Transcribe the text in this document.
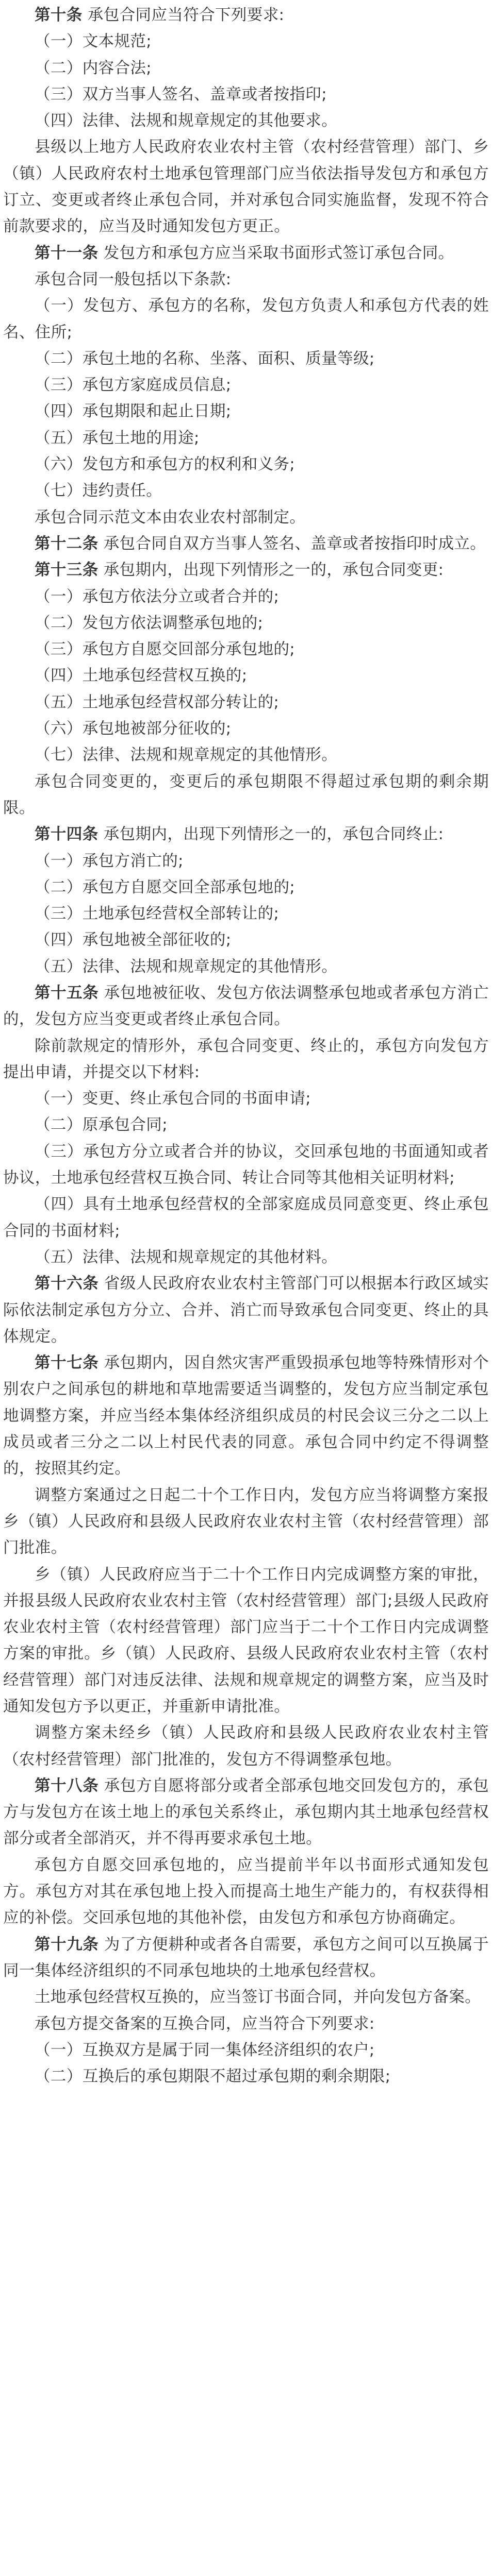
第十条 承包合同应当符合下列要求:

（一）文本规范;

（二）内容合法;

（三）双方当事人签名、盖章或者按指印;

（四）法律、法规和规章规定的其他要求。

县级以上地方人民政府农业农村主管（农村经营管理）部门、乡（镇）人民政府农村土地承包管理部门应当依法指导发包方和承包方订立、变更或者终止承包合同，并对承包合同实施监督，发现不符合前款要求的，应当及时通知发包方更正。

第十一条 发包方和承包方应当采取书面形式签订承包合同。

承包合同一般包括以下条款:

（一）发包方、承包方的名称，发包方负责人和承包方代表的姓名、住所;

（二）承包土地的名称、坐落、面积、质量等级;

（三）承包方家庭成员信息;

（四）承包期限和起止日期;

（五）承包土地的用途;

（六）发包方和承包方的权利和义务;

（七）违约责任。

承包合同示范文本由农业农村部制定。

第十二条 承包合同自双方当事人签名、盖章或者按指印时成立。

第十三条 承包期内，出现下列情形之一的，承包合同变更:

（一）承包方依法分立或者合并的;

（二）发包方依法调整承包地的;

（三）承包方自愿交回部分承包地的;

（四）土地承包经营权互换的;

（五）土地承包经营权部分转让的;

（六）承包地被部分征收的;

（七）法律、法规和规章规定的其他情形。

承包合同变更的，变更后的承包期限不得超过承包期的剩余期限。

第十四条 承包期内，出现下列情形之一的，承包合同终止:

（一）承包方消亡的;

（二）承包方自愿交回全部承包地的;

（三）土地承包经营权全部转让的;

（四）承包地被全部征收的;

（五）法律、法规和规章规定的其他情形。

第十五条 承包地被征收、发包方依法调整承包地或者承包方消亡的，发包方应当变更或者终止承包合同。

除前款规定的情形外，承包合同变更、终止的，承包方向发包方提出申请，并提交以下材料:

（一）变更、终止承包合同的书面申请;

（二）原承包合同;

（三）承包方分立或者合并的协议，交回承包地的书面通知或者协议，土地承包经营权互换合同、转让合同等其他相关证明材料;

（四）具有土地承包经营权的全部家庭成员同意变更、终止承包合同的书面材料;

（五）法律、法规和规章规定的其他材料。

第十六条 省级人民政府农业农村主管部门可以根据本行政区域实际依法制定承包方分立、合并、消亡而导致承包合同变更、终止的具体规定。

第十七条 承包期内，因自然灾害严重毁损承包地等特殊情形对个别农户之间承包的耕地和草地需要适当调整的，发包方应当制定承包地调整方案，并应当经本集体经济组织成员的村民会议三分之二以上成员或者三分之二以上村民代表的同意。承包合同中约定不得调整的，按照其约定。

调整方案通过之日起二十个工作日内，发包方应当将调整方案报乡（镇）人民政府和县级人民政府农业农村主管（农村经营管理）部门批准。

乡（镇）人民政府应当于二十个工作日内完成调整方案的审批，并报县级人民政府农业农村主管（农村经营管理）部门;县级人民政府农业农村主管（农村经营管理）部门应当于二十个工作日内完成调整方案的审批。乡（镇）人民政府、县级人民政府农业农村主管（农村经营管理）部门对违反法律、法规和规章规定的调整方案，应当及时通知发包方予以更正，并重新申请批准。

调整方案未经乡（镇）人民政府和县级人民政府农业农村主管（农村经营管理）部门批准的，发包方不得调整承包地。

第十八条 承包方自愿将部分或者全部承包地交回发包方的，承包方与发包方在该土地上的承包关系终止，承包期内其土地承包经营权部分或者全部消灭，并不得再要求承包土地。

承包方自愿交回承包地的，应当提前半年以书面形式通知发包方。承包方对其在承包地上投入而提高土地生产能力的，有权获得相应的补偿。交回承包地的其他补偿，由发包方和承包方协商确定。

第十九条 为了方便耕种或者各自需要，承包方之间可以互换属于同一集体经济组织的不同承包地块的土地承包经营权。

土地承包经营权互换的，应当签订书面合同，并向发包方备案。

承包方提交备案的互换合同，应当符合下列要求:

（一）互换双方是属于同一集体经济组织的农户;

（二）互换后的承包期限不超过承包期的剩余期限;
